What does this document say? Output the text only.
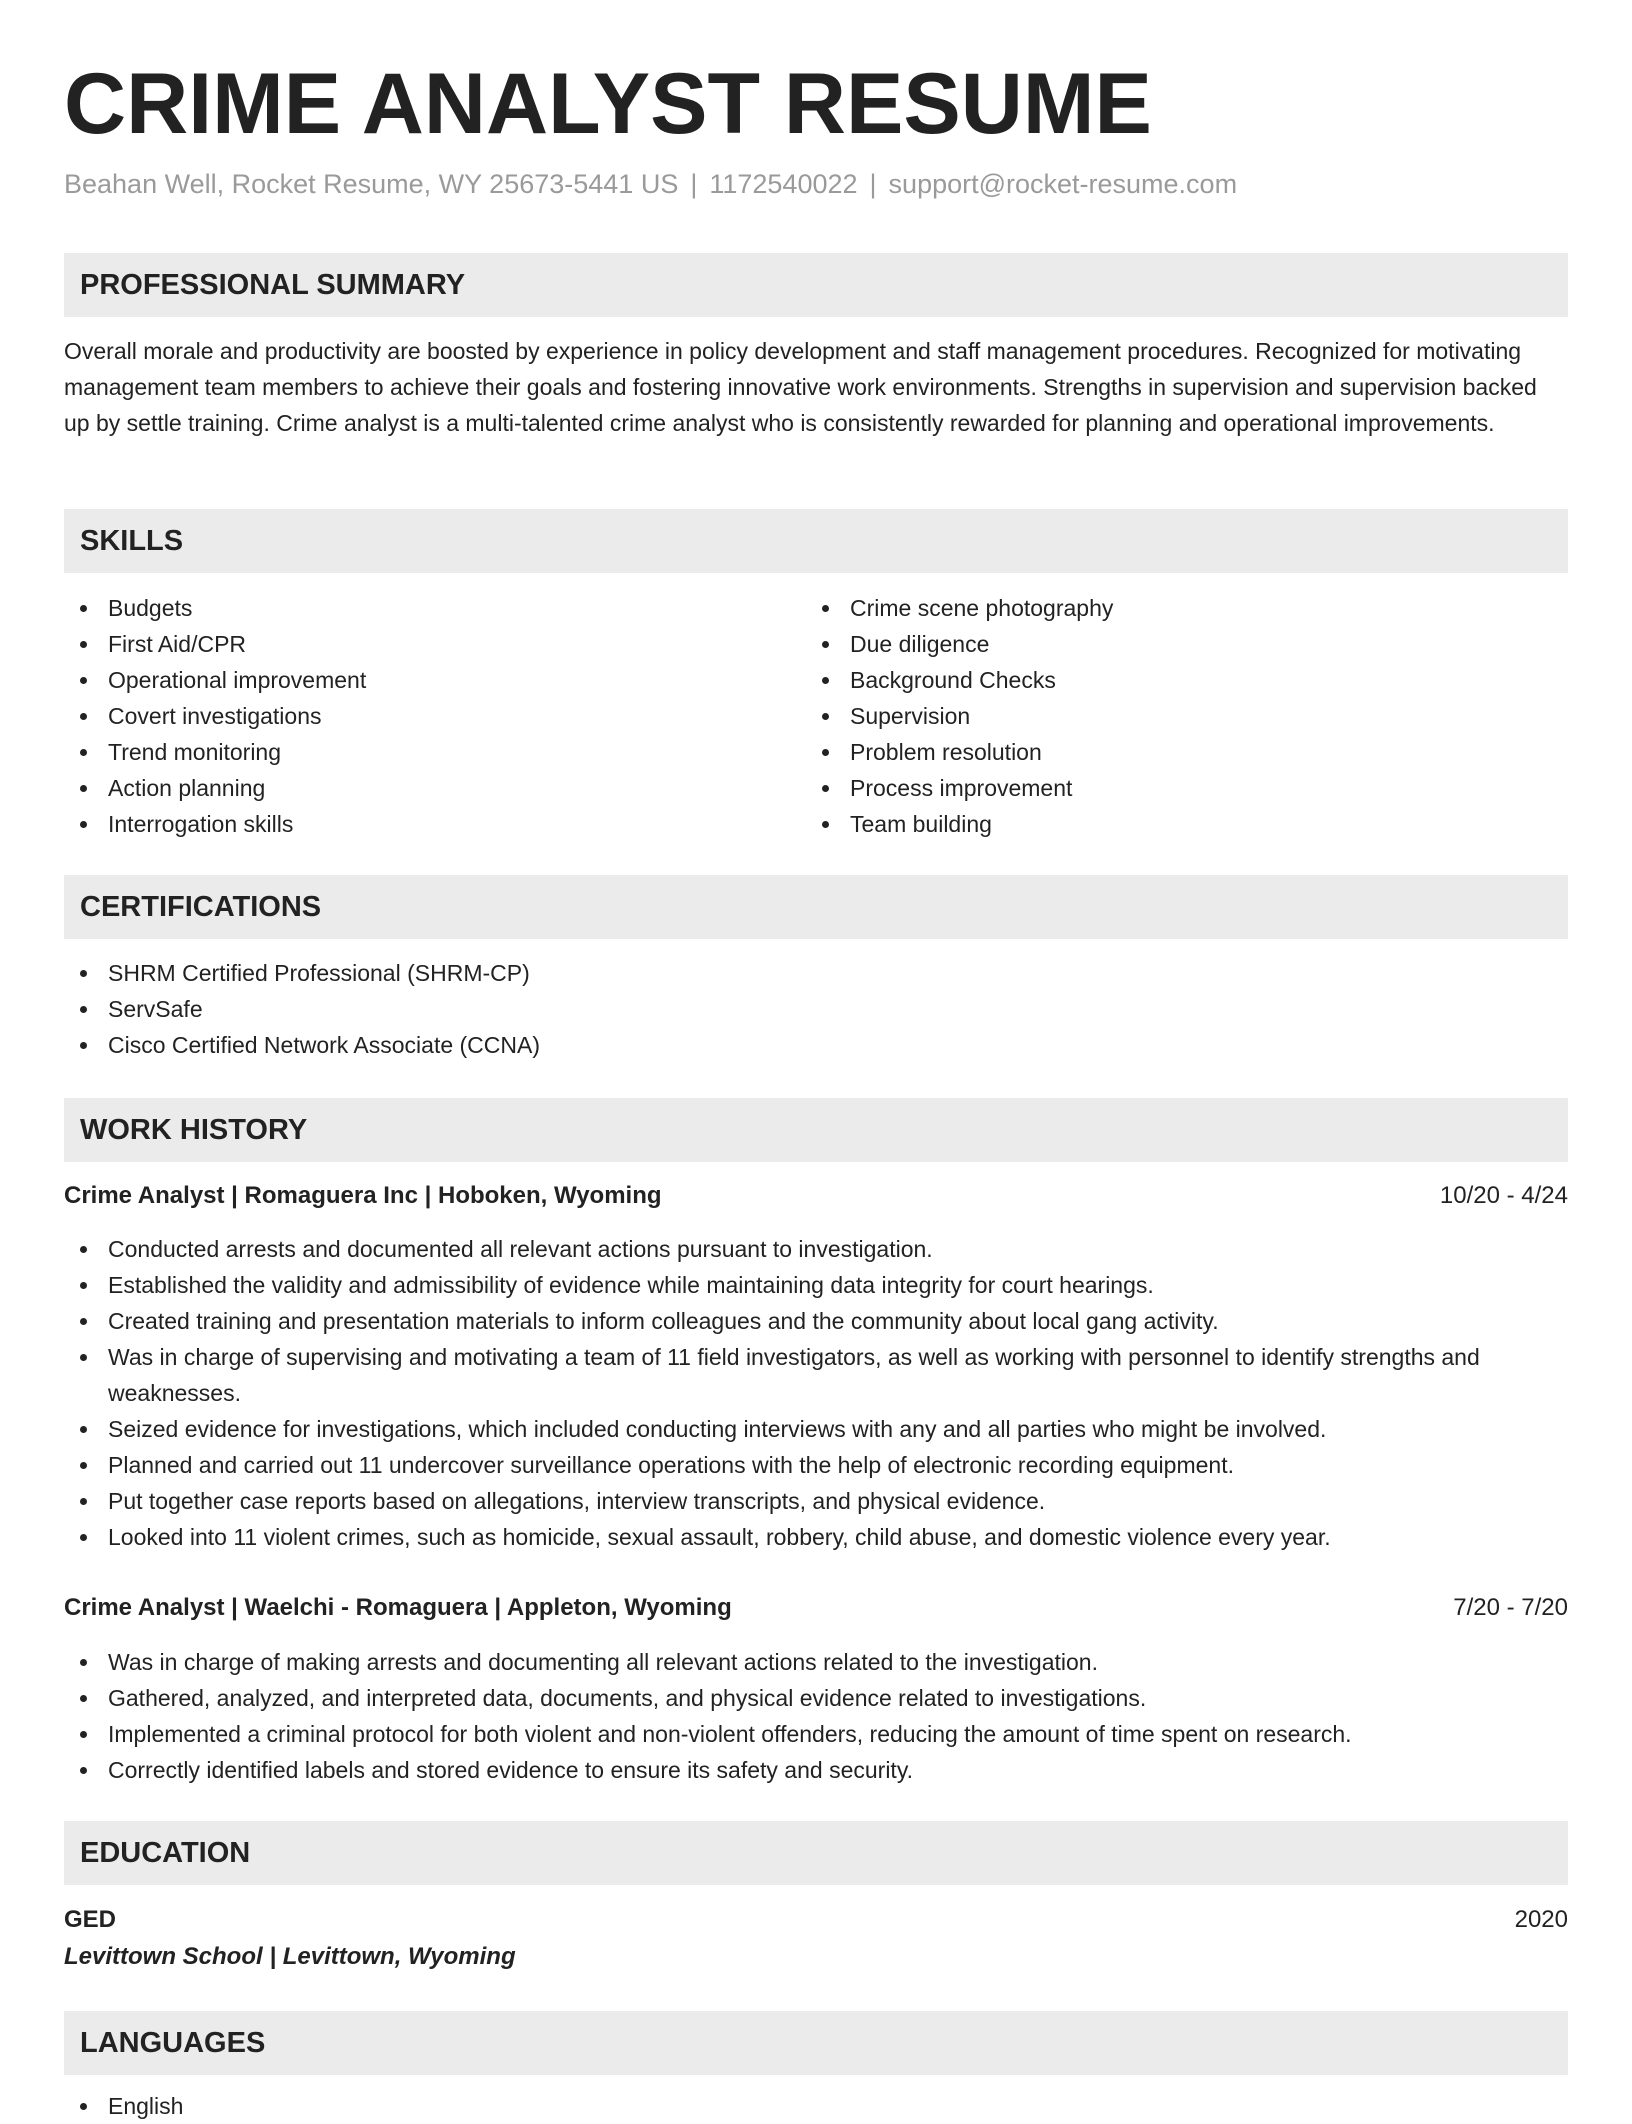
CRIME ANALYST RESUME
Beahan Well, Rocket Resume, WY 25673-5441 US | 1172540022 | support@rocket-resume.com
PROFESSIONAL SUMMARY
Overall morale and productivity are boosted by experience in policy development and staff management procedures. Recognized for motivating management team members to achieve their goals and fostering innovative work environments. Strengths in supervision and supervision backed up by settle training. Crime analyst is a multi-talented crime analyst who is consistently rewarded for planning and operational improvements.
SKILLS
Budgets
First Aid/CPR
Operational improvement
Covert investigations
Trend monitoring
Action planning
Interrogation skills
Crime scene photography
Due diligence
Background Checks
Supervision
Problem resolution
Process improvement
Team building
CERTIFICATIONS
SHRM Certified Professional (SHRM-CP)
ServSafe
Cisco Certified Network Associate (CCNA)
WORK HISTORY
Crime Analyst | Romaguera Inc | Hoboken, Wyoming	10/20 - 4/24
Conducted arrests and documented all relevant actions pursuant to investigation.
Established the validity and admissibility of evidence while maintaining data integrity for court hearings.
Created training and presentation materials to inform colleagues and the community about local gang activity.
Was in charge of supervising and motivating a team of 11 field investigators, as well as working with personnel to identify strengths and weaknesses.
Seized evidence for investigations, which included conducting interviews with any and all parties who might be involved.
Planned and carried out 11 undercover surveillance operations with the help of electronic recording equipment.
Put together case reports based on allegations, interview transcripts, and physical evidence.
Looked into 11 violent crimes, such as homicide, sexual assault, robbery, child abuse, and domestic violence every year.
Crime Analyst | Waelchi - Romaguera | Appleton, Wyoming	7/20 - 7/20
Was in charge of making arrests and documenting all relevant actions related to the investigation.
Gathered, analyzed, and interpreted data, documents, and physical evidence related to investigations.
Implemented a criminal protocol for both violent and non-violent offenders, reducing the amount of time spent on research.
Correctly identified labels and stored evidence to ensure its safety and security.
EDUCATION
GED	2020
Levittown School | Levittown, Wyoming
LANGUAGES
English
